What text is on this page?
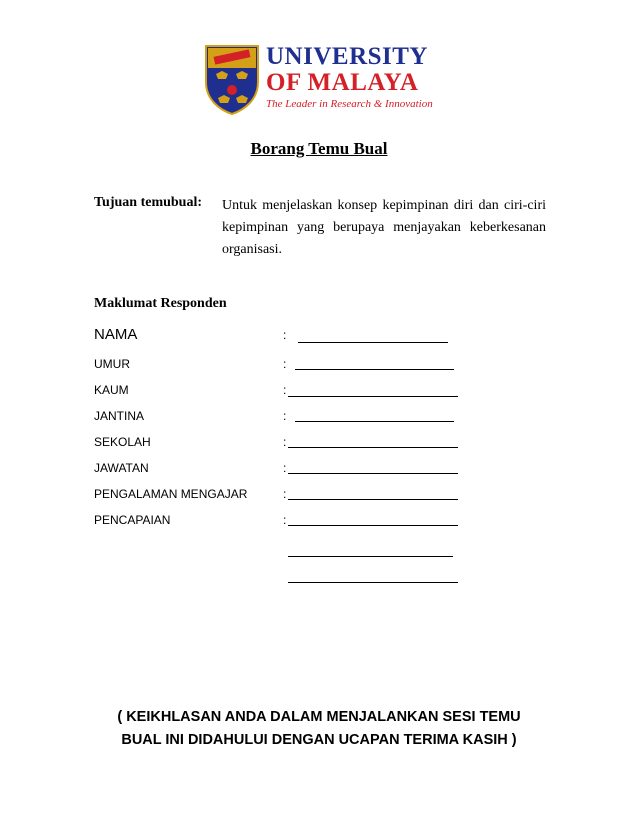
UNIVERSITY
OF MALAYA
The Leader in Research & Innovation
Borang Temu Bual
Tujuan temubual: Untuk menjelaskan konsep kepimpinan diri dan ciri-ciri kepimpinan yang berupaya menjayakan keberkesanan organisasi.
Maklumat Responden
NAMA	:
UMUR	:
KAUM	:
JANTINA	:
SEKOLAH	:
JAWATAN	:
PENGALAMAN MENGAJAR	:
PENCAPAIAN	:
( KEIKHLASAN ANDA DALAM MENJALANKAN SESI TEMU
BUAL INI DIDAHULUI DENGAN UCAPAN TERIMA KASIH )
